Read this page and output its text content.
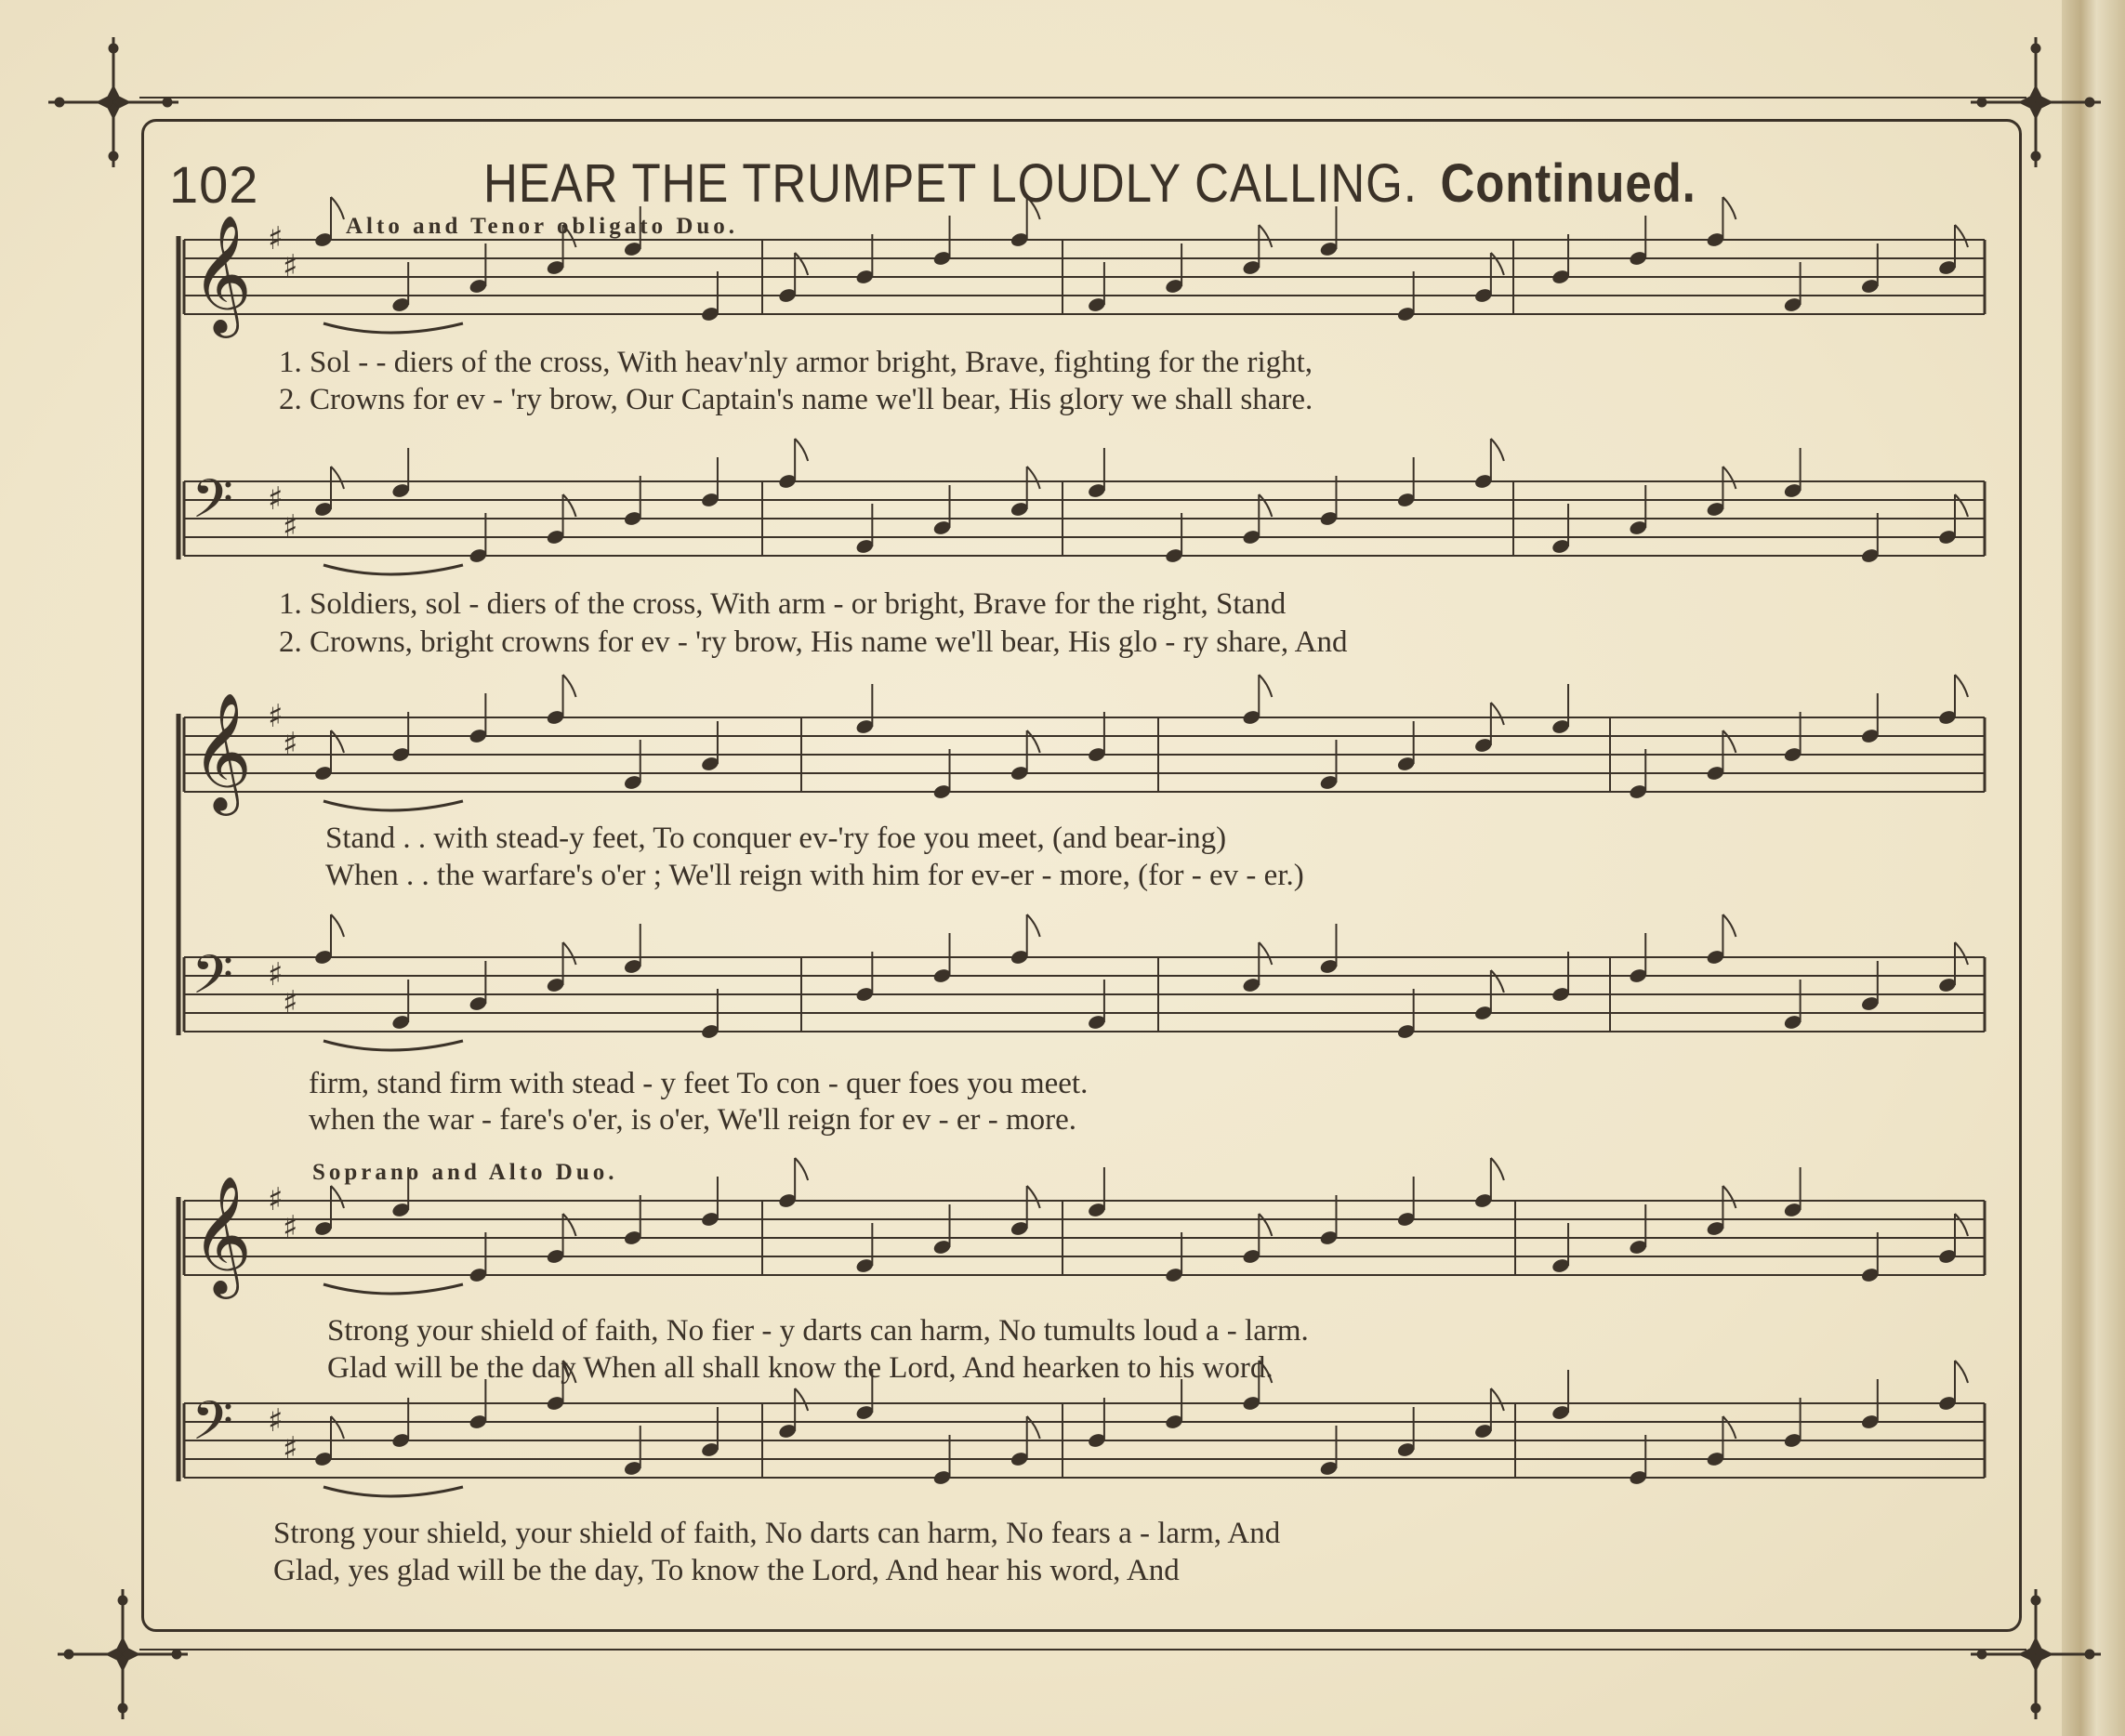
102	HEAR THE TRUMPET LOUDLY CALLING. Continued.
Alto and Tenor obligato Duo.
Soprano and Alto Duo.
𝄞 ♯
♯
𝄢 ♯
♯
𝄞 ♯
♯
𝄢 ♯
♯
𝄞 ♯
♯
𝄢 ♯
♯
1. Sol - - diers of the cross, With heav'nly armor bright, Brave, fighting for the right,
2. Crowns for ev - 'ry brow, Our Captain's name we'll bear, His glory we shall share.
1. Soldiers, sol - diers of the cross, With arm - or bright, Brave for the right, Stand
2. Crowns, bright crowns for ev - 'ry brow, His name we'll bear, His glo - ry share, And
Stand . . with stead-y feet, To conquer ev-'ry foe you meet, (and bear-ing)
When . . the warfare's o'er ; We'll reign with him for ev-er - more, (for - ev - er.)
firm, stand firm with stead - y feet To con - quer foes you meet.
when the war - fare's o'er, is o'er, We'll reign for ev - er - more.
Strong your shield of faith, No fier - y darts can harm, No tumults loud a - larm.
Glad will be the day When all shall know the Lord, And hearken to his word.
Strong your shield, your shield of faith, No darts can harm, No fears a - larm, And
Glad, yes glad will be the day, To know the Lord, And hear his word, And
